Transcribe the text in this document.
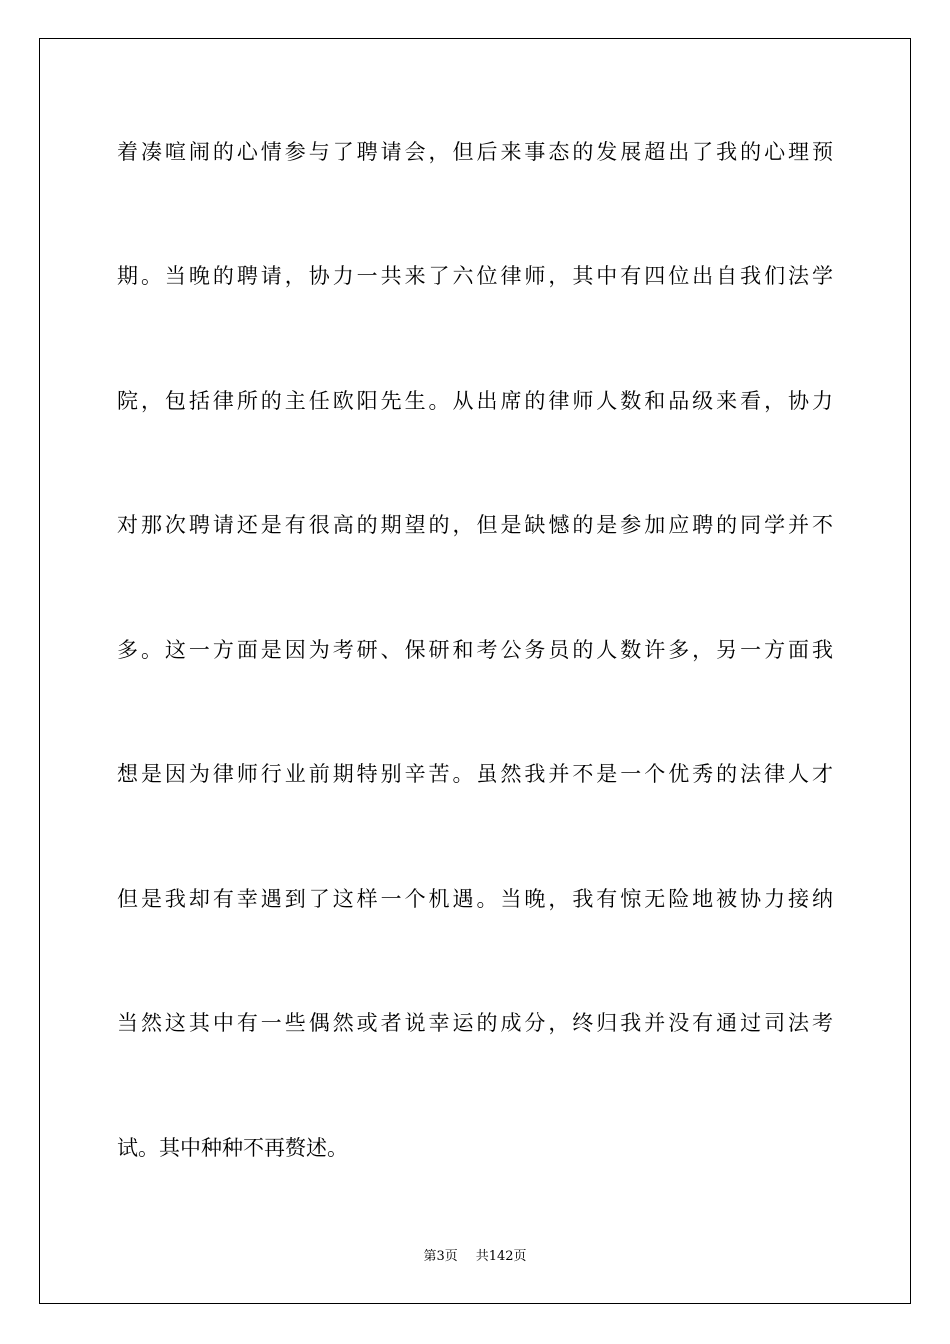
着凑喧闹的心情参与了聘请会，但后来事态的发展超出了我的心理预
期。当晚的聘请，协力一共来了六位律师，其中有四位出自我们法学
院，包括律所的主任欧阳先生。从出席的律师人数和品级来看，协力
对那次聘请还是有很高的期望的，但是缺憾的是参加应聘的同学并不
多。这一方面是因为考研、保研和考公务员的人数许多，另一方面我
想是因为律师行业前期特别辛苦。虽然我并不是一个优秀的法律人才
但是我却有幸遇到了这样一个机遇。当晚，我有惊无险地被协力接纳
当然这其中有一些偶然或者说幸运的成分，终归我并没有通过司法考
试。其中种种不再赘述。
第3页 共142页
